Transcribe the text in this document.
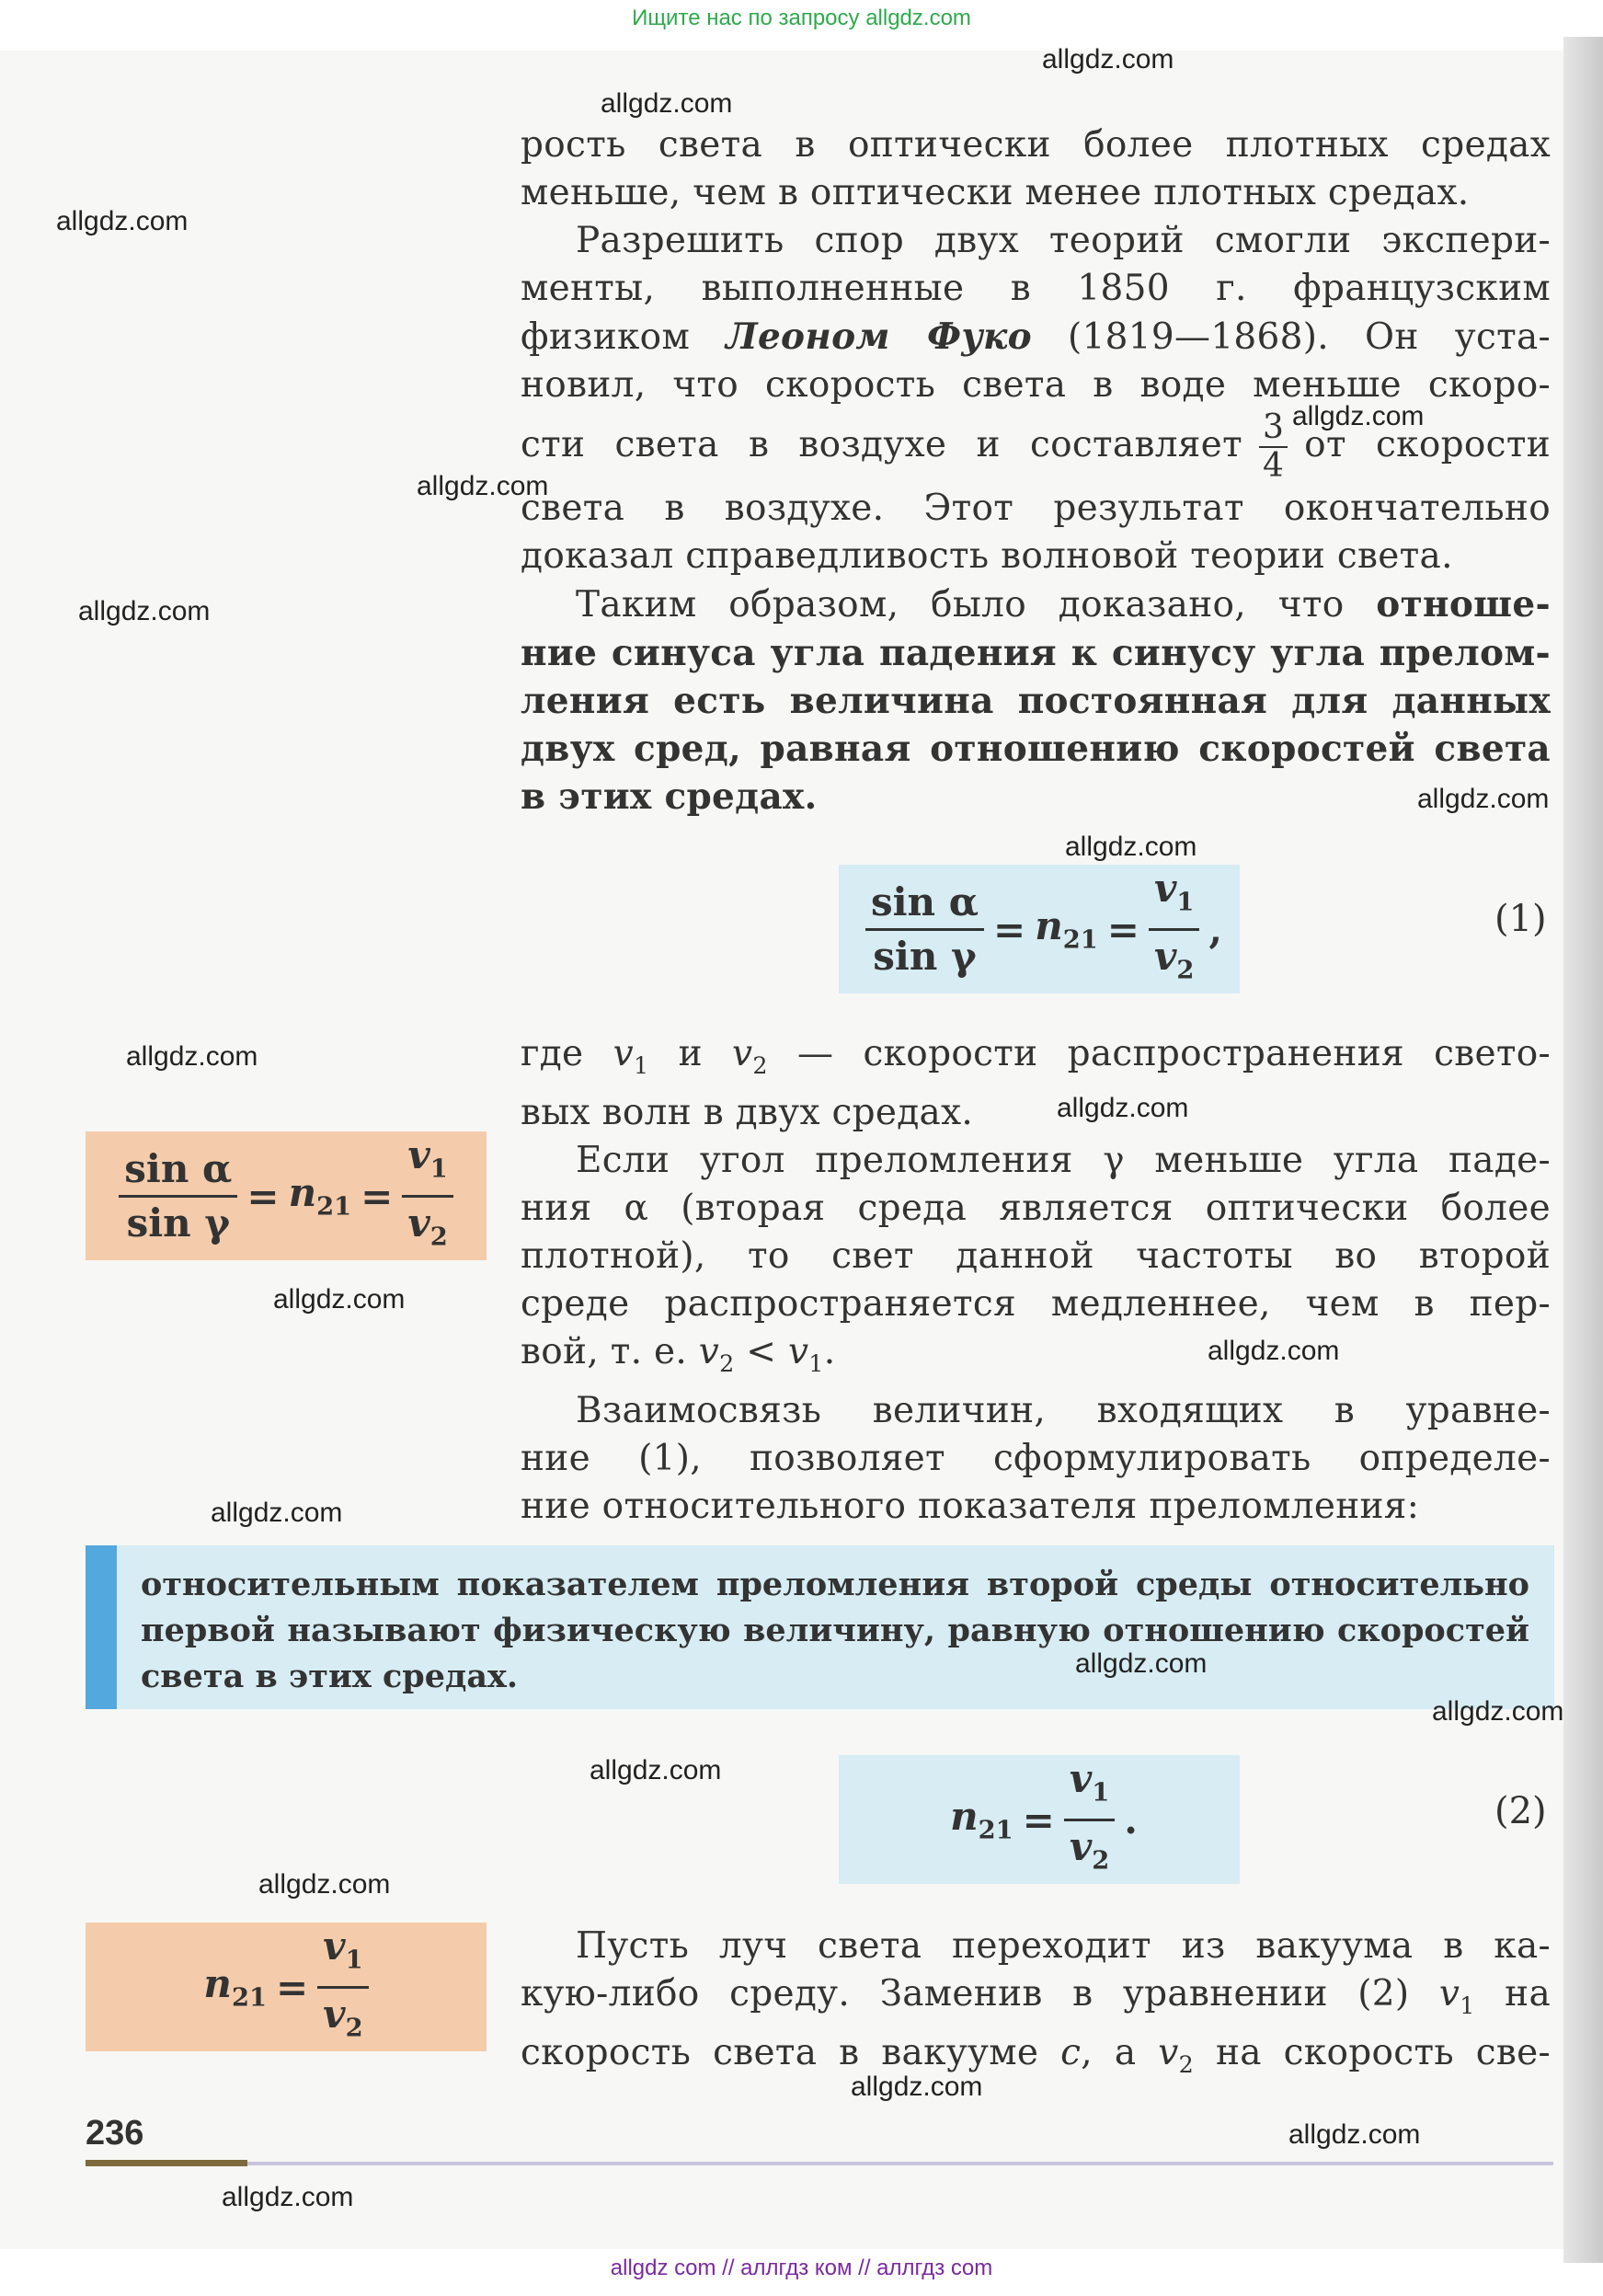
Ищите нас по запросу allgdz.com

рость света в оптически более плотных средах

меньше, чем в оптически менее плотных средах.

Разрешить спор двух теорий смогли экспери-

менты, выполненные в 1850 г. французским

физиком Леоном Фуко (1819—1868). Он уста-

новил, что скорость света в воде меньше скоро-

сти света в воздухе и составляет $\frac{3}{4}$ от скорости

света в воздухе. Этот результат окончательно

доказал справедливость волновой теории света.

Таким образом, было доказано, что отноше-

ние синуса угла падения к синусу угла прелом-

ления есть величина постоянная для данных

двух сред, равная отношению скоростей света

в этих средах.

$\frac{\text{sin α}}{\text{sin γ}} = n_{21} = \frac{v_1}{v_2}$ ,	(1)
$\frac{\text{sin α}}{\text{sin γ}} = n_{21} = \frac{v_1}{v_2}$

где $v_1$ и $v_2$ — скорости распространения свето-

вых волн в двух средах.

Если угол преломления γ меньше угла паде-

ния α (вторая среда является оптически более

плотной), то свет данной частоты во второй

среде распространяется медленнее, чем в пер-

вой, т. е. $v_2 < v_1$.

Взаимосвязь величин, входящих в уравне-

ние (1), позволяет сформулировать определе-

ние относительного показателя преломления:

относительным показателем преломления второй среды относительно первой называют физическую величину, равную отношению скоростей света в этих средах.
$n_{21} = \frac{v_1}{v_2}$ .	(2)
$n_{21} = \frac{v_1}{v_2}$	Пусть луч света переходит из вакуума в ка-

кую-либо среду. Заменив в уравнении (2) $v_1$ на

скорость света в вакууме c, а $v_2$ на скорость све-

236
allgdz.com
allgdz.com
allgdz.com
allgdz.com
allgdz.com
allgdz.com
allgdz.com
allgdz.com
allgdz.com
allgdz.com
allgdz.com
allgdz.com
allgdz.com
allgdz.com
allgdz.com
allgdz.com
allgdz.com
allgdz.com
allgdz.com
allgdz.com
allgdz com // аллгдз ком // аллгдз com
